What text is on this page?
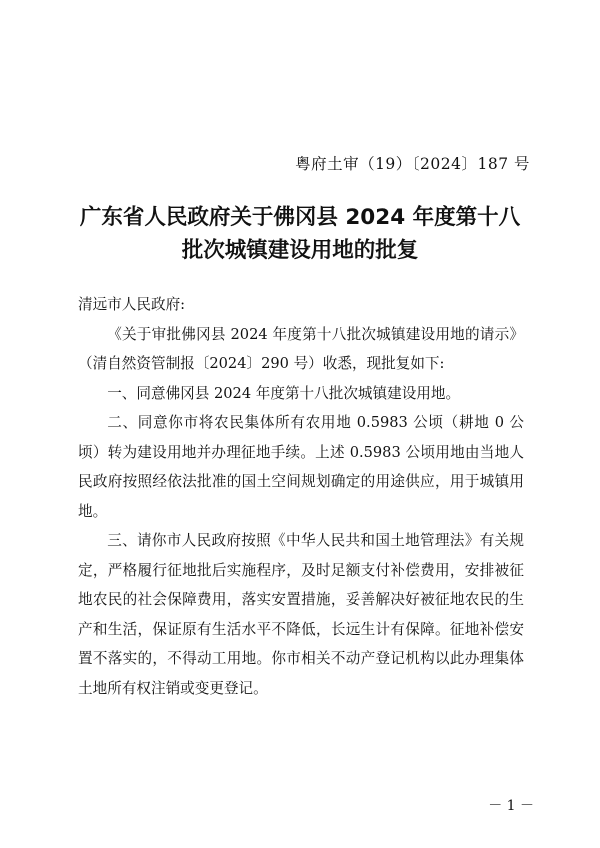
粤府土审（19）〔2024〕187 号
广东省人民政府关于佛冈县 2024 年度第十八
批次城镇建设用地的批复

清远市人民政府:

《关于审批佛冈县 2024 年度第十八批次城镇建设用地的请示》（清自然资管制报〔2024〕290 号）收悉，现批复如下:

一、同意佛冈县 2024 年度第十八批次城镇建设用地。

二、同意你市将农民集体所有农用地 0.5983 公顷（耕地 0 公顷）转为建设用地并办理征地手续。上述 0.5983 公顷用地由当地人民政府按照经依法批准的国土空间规划确定的用途供应，用于城镇用地。

三、请你市人民政府按照《中华人民共和国土地管理法》有关规定，严格履行征地批后实施程序，及时足额支付补偿费用，安排被征地农民的社会保障费用，落实安置措施，妥善解决好被征地农民的生产和生活，保证原有生活水平不降低，长远生计有保障。征地补偿安置不落实的，不得动工用地。你市相关不动产登记机构以此办理集体土地所有权注销或变更登记。

－ 1 －
